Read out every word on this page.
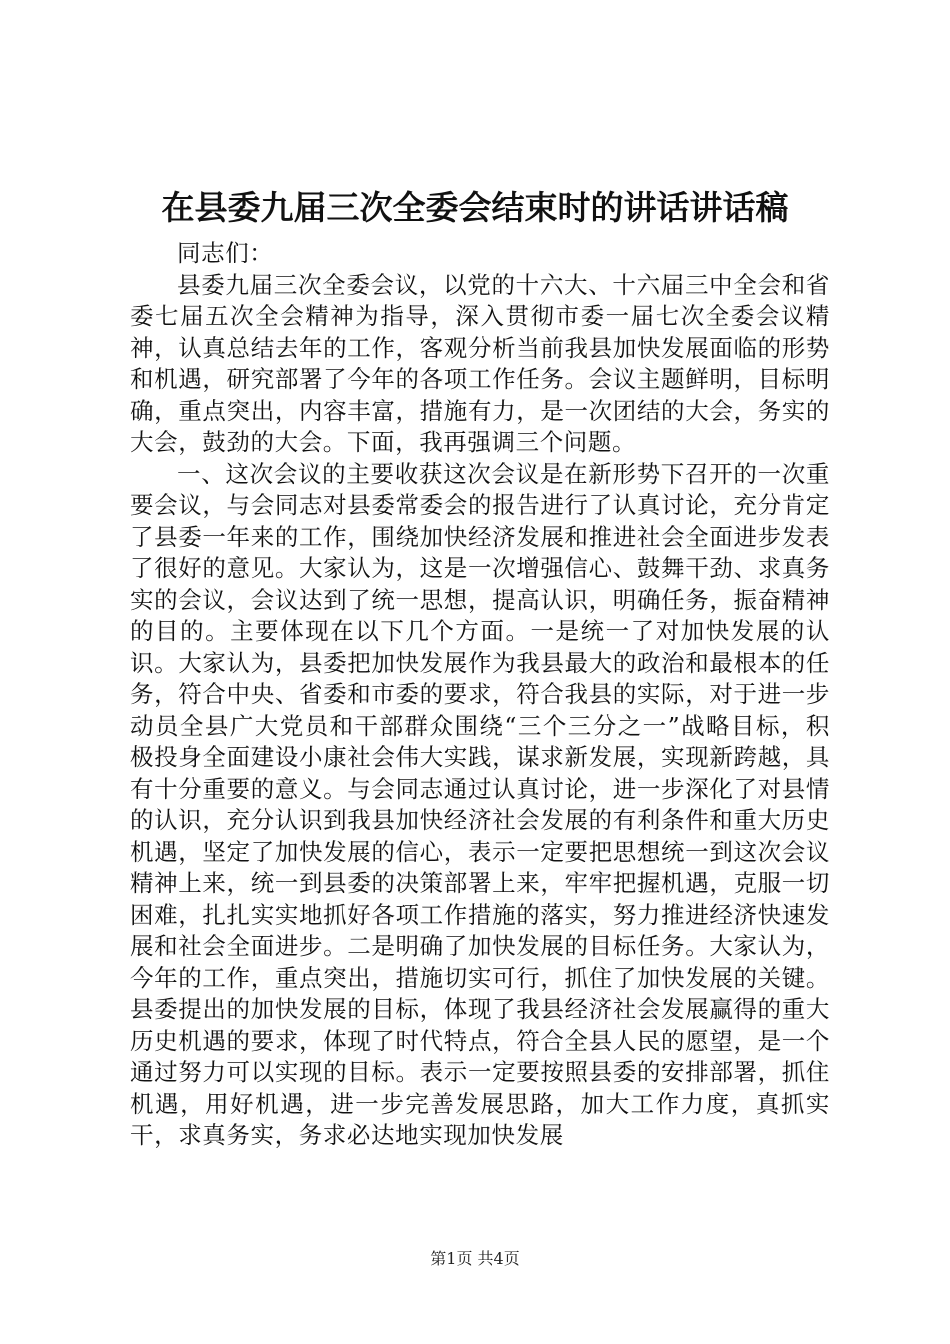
在县委九届三次全委会结束时的讲话讲话稿

同志们：

县委九届三次全委会议，以党的十六大、十六届三中全会和省委七届五次全会精神为指导，深入贯彻市委一届七次全委会议精神，认真总结去年的工作，客观分析当前我县加快发展面临的形势和机遇，研究部署了今年的各项工作任务。会议主题鲜明，目标明确，重点突出，内容丰富，措施有力，是一次团结的大会，务实的大会，鼓劲的大会。下面，我再强调三个问题。

一、这次会议的主要收获这次会议是在新形势下召开的一次重要会议，与会同志对县委常委会的报告进行了认真讨论，充分肯定了县委一年来的工作，围绕加快经济发展和推进社会全面进步发表了很好的意见。大家认为，这是一次增强信心、鼓舞干劲、求真务实的会议，会议达到了统一思想，提高认识，明确任务，振奋精神的目的。主要体现在以下几个方面。一是统一了对加快发展的认识。大家认为，县委把加快发展作为我县最大的政治和最根本的任务，符合中央、省委和市委的要求，符合我县的实际，对于进一步动员全县广大党员和干部群众围绕“三个三分之一”战略目标，积极投身全面建设小康社会伟大实践，谋求新发展，实现新跨越，具有十分重要的意义。与会同志通过认真讨论，进一步深化了对县情的认识，充分认识到我县加快经济社会发展的有利条件和重大历史机遇，坚定了加快发展的信心，表示一定要把思想统一到这次会议精神上来，统一到县委的决策部署上来，牢牢把握机遇，克服一切困难，扎扎实实地抓好各项工作措施的落实，努力推进经济快速发展和社会全面进步。二是明确了加快发展的目标任务。大家认为，今年的工作，重点突出，措施切实可行，抓住了加快发展的关键。县委提出的加快发展的目标，体现了我县经济社会发展赢得的重大历史机遇的要求，体现了时代特点，符合全县人民的愿望，是一个通过努力可以实现的目标。表示一定要按照县委的安排部署，抓住机遇，用好机遇，进一步完善发展思路，加大工作力度，真抓实干，求真务实，务求必达地实现加快发展

第1页 共4页
